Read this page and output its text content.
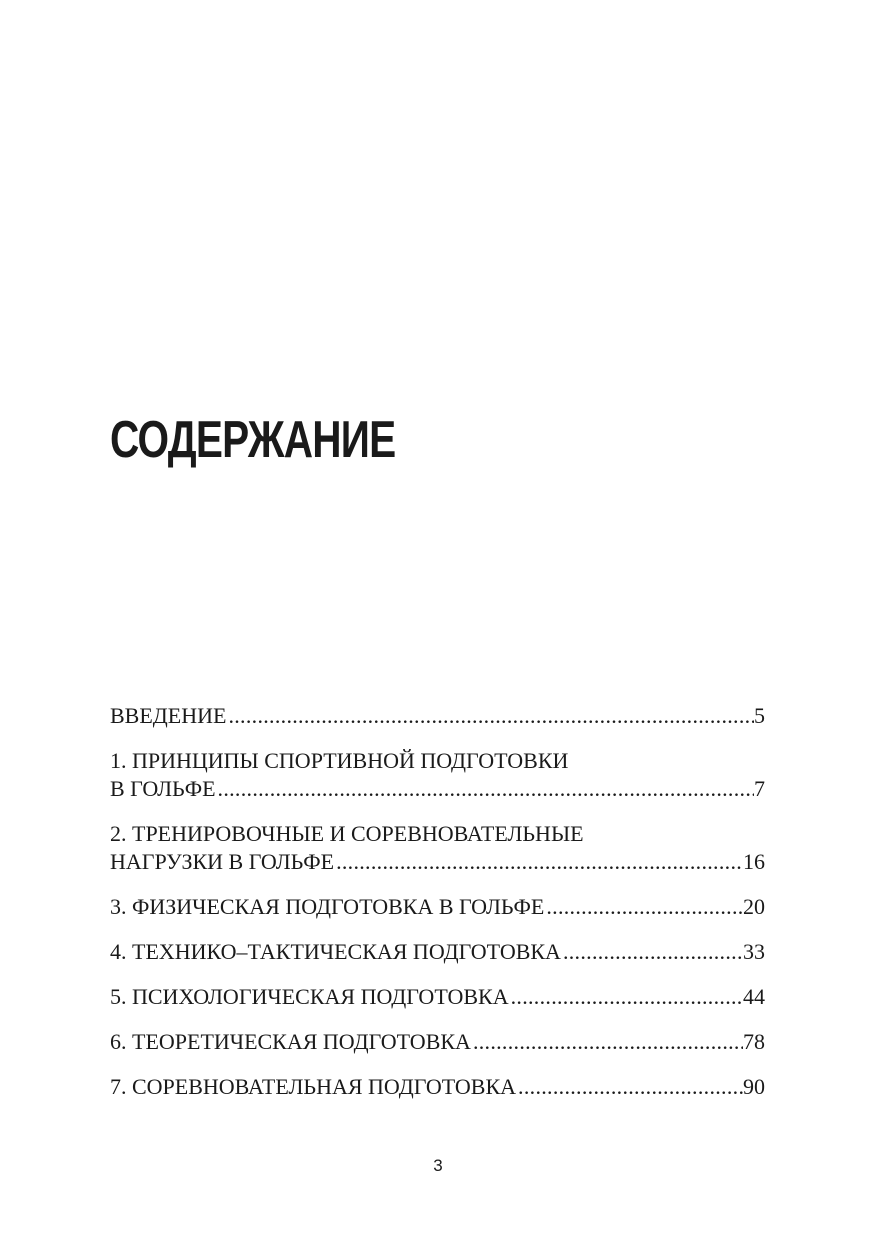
СОДЕРЖАНИЕ
ВВЕДЕНИЕ .....	5
1. ПРИНЦИПЫ СПОРТИВНОЙ ПОДГОТОВКИ
В ГОЛЬФЕ .....	7
2. ТРЕНИРОВОЧНЫЕ И СОРЕВНОВАТЕЛЬНЫЕ
НАГРУЗКИ В ГОЛЬФЕ .....	16
3. ФИЗИЧЕСКАЯ ПОДГОТОВКА В ГОЛЬФЕ .....	20
4. ТЕХНИКО–ТАКТИЧЕСКАЯ ПОДГОТОВКА .....	33
5. ПСИХОЛОГИЧЕСКАЯ ПОДГОТОВКА .....	44
6. ТЕОРЕТИЧЕСКАЯ ПОДГОТОВКА .....	78
7. СОРЕВНОВАТЕЛЬНАЯ ПОДГОТОВКА .....	90
3
